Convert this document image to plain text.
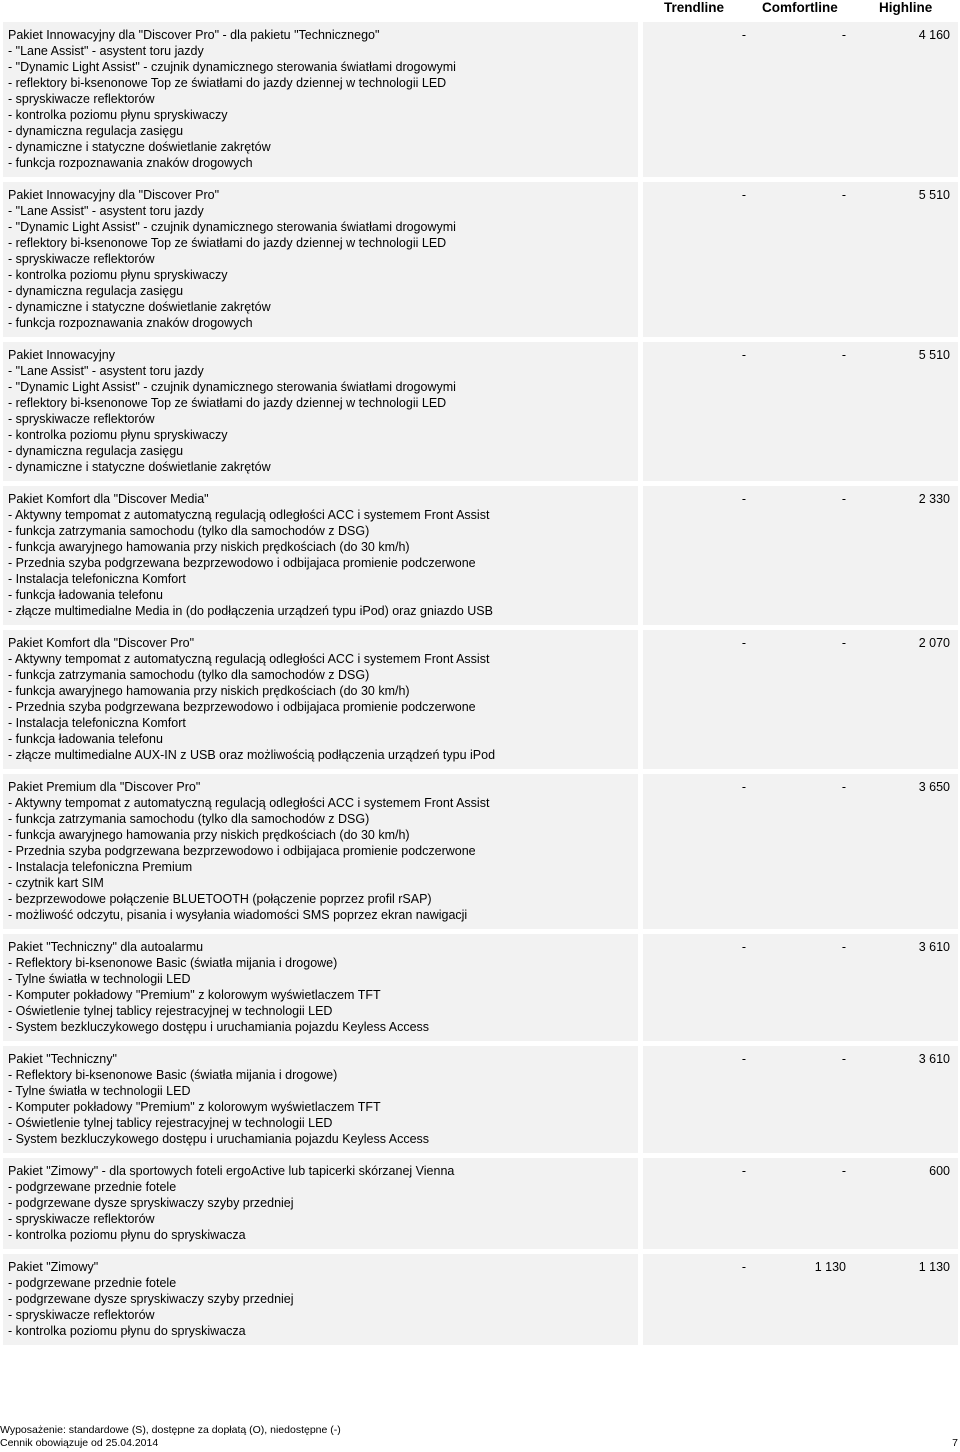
Trendline	Comfortline	Highline
Pakiet Innowacyjny dla "Discover Pro" - dla pakietu "Technicznego"
- "Lane Assist" - asystent toru jazdy
- "Dynamic Light Assist" - czujnik dynamicznego sterowania światłami drogowymi
- reflektory bi-ksenonowe Top ze światłami do jazdy dziennej w technologii LED
- spryskiwacze reflektorów
- kontrolka poziomu płynu spryskiwaczy
- dynamiczna regulacja zasięgu
- dynamiczne i statyczne doświetlanie zakrętów
- funkcja rozpoznawania znaków drogowych
-	-	4 160
Pakiet Innowacyjny dla "Discover Pro"
- "Lane Assist" - asystent toru jazdy
- "Dynamic Light Assist" - czujnik dynamicznego sterowania światłami drogowymi
- reflektory bi-ksenonowe Top ze światłami do jazdy dziennej w technologii LED
- spryskiwacze reflektorów
- kontrolka poziomu płynu spryskiwaczy
- dynamiczna regulacja zasięgu
- dynamiczne i statyczne doświetlanie zakrętów
- funkcja rozpoznawania znaków drogowych
-	-	5 510
Pakiet Innowacyjny
- "Lane Assist" - asystent toru jazdy
- "Dynamic Light Assist" - czujnik dynamicznego sterowania światłami drogowymi
- reflektory bi-ksenonowe Top ze światłami do jazdy dziennej w technologii LED
- spryskiwacze reflektorów
- kontrolka poziomu płynu spryskiwaczy
- dynamiczna regulacja zasięgu
- dynamiczne i statyczne doświetlanie zakrętów
-	-	5 510
Pakiet Komfort dla "Discover Media"
- Aktywny tempomat z automatyczną regulacją odległości ACC i systemem Front Assist
- funkcja zatrzymania samochodu (tylko dla samochodów z DSG)
- funkcja awaryjnego hamowania przy niskich prędkościach (do 30 km/h)
- Przednia szyba podgrzewana bezprzewodowo i odbijajaca promienie podczerwone
- Instalacja telefoniczna Komfort
- funkcja ładowania telefonu
- złącze multimedialne Media in (do podłączenia urządzeń typu iPod) oraz gniazdo USB
-	-	2 330
Pakiet Komfort dla "Discover Pro"
- Aktywny tempomat z automatyczną regulacją odległości ACC i systemem Front Assist
- funkcja zatrzymania samochodu (tylko dla samochodów z DSG)
- funkcja awaryjnego hamowania przy niskich prędkościach (do 30 km/h)
- Przednia szyba podgrzewana bezprzewodowo i odbijajaca promienie podczerwone
- Instalacja telefoniczna Komfort
- funkcja ładowania telefonu
- złącze multimedialne AUX-IN z USB oraz możliwością podłączenia urządzeń typu iPod
-	-	2 070
Pakiet Premium dla "Discover Pro"
- Aktywny tempomat z automatyczną regulacją odległości ACC i systemem Front Assist
- funkcja zatrzymania samochodu (tylko dla samochodów z DSG)
- funkcja awaryjnego hamowania przy niskich prędkościach (do 30 km/h)
- Przednia szyba podgrzewana bezprzewodowo i odbijajaca promienie podczerwone
- Instalacja telefoniczna Premium
- czytnik kart SIM
- bezprzewodowe połączenie BLUETOOTH (połączenie poprzez profil rSAP)
- możliwość odczytu, pisania i wysyłania wiadomości SMS poprzez ekran nawigacji
-	-	3 650
Pakiet "Techniczny" dla autoalarmu
- Reflektory bi-ksenonowe Basic (światła mijania i drogowe)
- Tylne światła w technologii LED
- Komputer pokładowy "Premium" z kolorowym wyświetlaczem TFT
- Oświetlenie tylnej tablicy rejestracyjnej w technologii LED
- System bezkluczykowego dostępu i uruchamiania pojazdu Keyless Access
-	-	3 610
Pakiet "Techniczny"
- Reflektory bi-ksenonowe Basic (światła mijania i drogowe)
- Tylne światła w technologii LED
- Komputer pokładowy "Premium" z kolorowym wyświetlaczem TFT
- Oświetlenie tylnej tablicy rejestracyjnej w technologii LED
- System bezkluczykowego dostępu i uruchamiania pojazdu Keyless Access
-	-	3 610
Pakiet "Zimowy" - dla sportowych foteli ergoActive lub tapicerki skórzanej Vienna
- podgrzewane przednie fotele
- podgrzewane dysze spryskiwaczy szyby przedniej
- spryskiwacze reflektorów
- kontrolka poziomu płynu do spryskiwacza
-	-	600
Pakiet "Zimowy"
- podgrzewane przednie fotele
- podgrzewane dysze spryskiwaczy szyby przedniej
- spryskiwacze reflektorów
- kontrolka poziomu płynu do spryskiwacza
-	1 130	1 130
Wyposażenie: standardowe (S), dostępne za dopłatą (O), niedostępne (-)
Cennik obowiązuje od 25.04.2014	7
